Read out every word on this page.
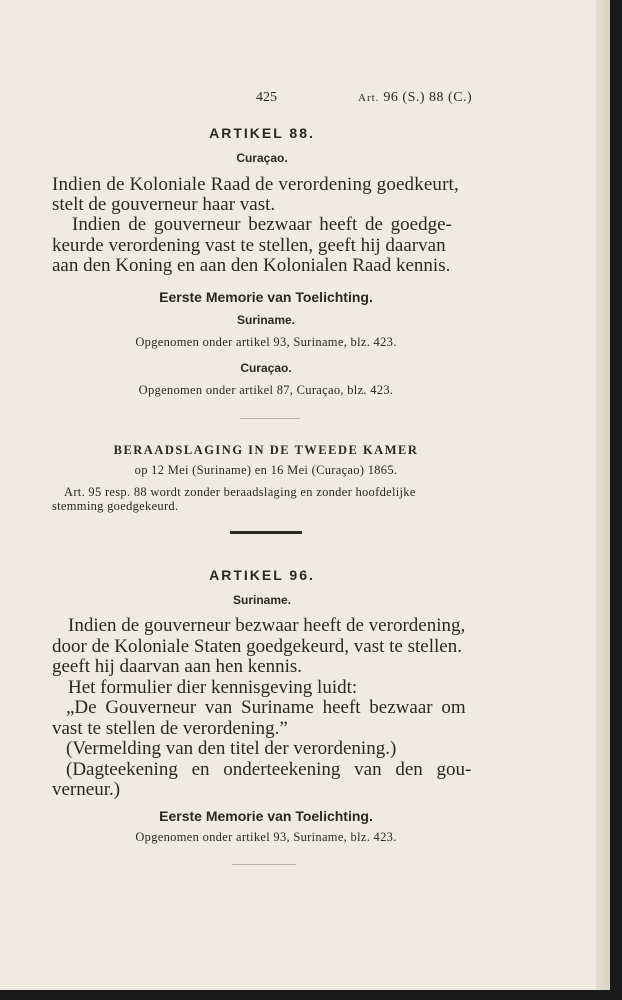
425	Art. 96 (S.) 88 (C.)
ARTIKEL 88.
Curaçao.
Indien de Koloniale Raad de verordening goedkeurt,
stelt de gouverneur haar vast.
Indien de gouverneur bezwaar heeft de goedge-
keurde verordening vast te stellen, geeft hij daarvan
aan den Koning en aan den Kolonialen Raad kennis.
Eerste Memorie van Toelichting.
Suriname.
Opgenomen onder artikel 93, Suriname, blz. 423.
Curaçao.
Opgenomen onder artikel 87, Curaçao, blz. 423.
BERAADSLAGING IN DE TWEEDE KAMER
op 12 Mei (Suriname) en 16 Mei (Curaçao) 1865.
Art. 95 resp. 88 wordt zonder beraadslaging en zonder hoofdelijke
stemming goedgekeurd.
ARTIKEL 96.
Suriname.
Indien de gouverneur bezwaar heeft de verordening,
door de Koloniale Staten goedgekeurd, vast te stellen.
geeft hij daarvan aan hen kennis.
Het formulier dier kennisgeving luidt:
„De Gouverneur van Suriname heeft bezwaar om
vast te stellen de verordening.”
(Vermelding van den titel der verordening.)
(Dagteekening en onderteekening van den gou-
verneur.)
Eerste Memorie van Toelichting.
Opgenomen onder artikel 93, Suriname, blz. 423.
